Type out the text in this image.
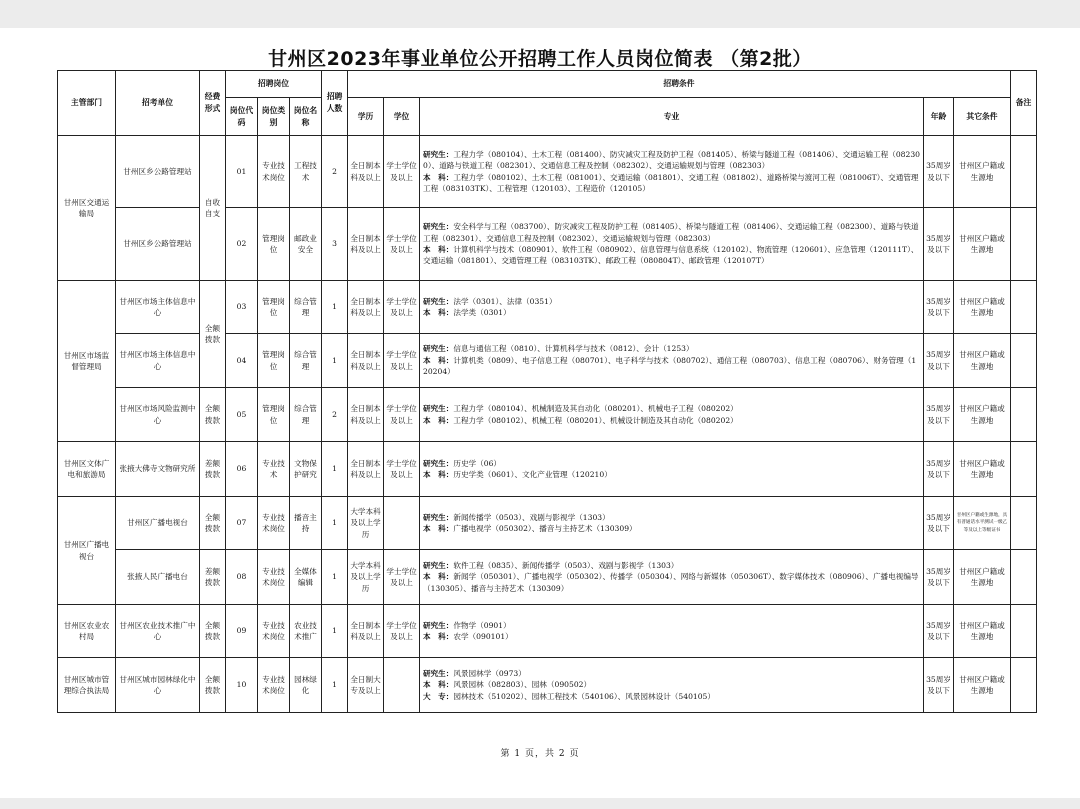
甘州区2023年事业单位公开招聘工作人员岗位简表 （第2批）
主管部门	招考单位	经费形式	招聘岗位			招聘人数	招聘条件					备注
			岗位代码	岗位类别	岗位名称		学历	学位	专业	年龄	其它条件	
甘州区交通运输局	甘州区乡公路管理站	自收自支	01	专业技术岗位	工程技术	2	全日制本科及以上	学士学位及以上	研究生：工程力学（080104）、土木工程（081400）、防灾减灾工程及防护工程（081405）、桥梁与隧道工程（081406）、交通运输工程（082300）、道路与铁道工程（082301）、交通信息工程及控制（082302）、交通运输规划与管理（082303）
本　科：工程力学（080102）、土木工程（081001）、交通运输（081801）、交通工程（081802）、道路桥梁与渡河工程（081006T）、交通管理工程（083103TK）、工程管理（120103）、工程造价（120105）	35周岁及以下	甘州区户籍或生源地	
	甘州区乡公路管理站		02	管理岗位	邮政业安全	3	全日制本科及以上	学士学位及以上	研究生：安全科学与工程（083700）、防灾减灾工程及防护工程（081405）、桥梁与隧道工程（081406）、交通运输工程（082300）、道路与铁道工程（082301）、交通信息工程及控制（082302）、交通运输规划与管理（082303）
本　科：计算机科学与技术（080901）、软件工程（080902）、信息管理与信息系统（120102）、物流管理（120601）、应急管理（120111T）、交通运输（081801）、交通管理工程（083103TK）、邮政工程（080804T）、邮政管理（120107T）	35周岁及以下	甘州区户籍或生源地	
甘州区市场监督管理局	甘州区市场主体信息中心	全额拨款	03	管理岗位	综合管理	1	全日制本科及以上	学士学位及以上	研究生：法学（0301）、法律（0351）
本　科：法学类（0301）	35周岁及以下	甘州区户籍或生源地	
	甘州区市场主体信息中心		04	管理岗位	综合管理	1	全日制本科及以上	学士学位及以上	研究生：信息与通信工程（0810）、计算机科学与技术（0812）、会计（1253）
本　科：计算机类（0809）、电子信息工程（080701）、电子科学与技术（080702）、通信工程（080703）、信息工程（080706）、财务管理（120204）	35周岁及以下	甘州区户籍或生源地	
	甘州区市场风险监测中心	全额拨款	05	管理岗位	综合管理	2	全日制本科及以上	学士学位及以上	研究生：工程力学（080104）、机械制造及其自动化（080201）、机械电子工程（080202）
本　科：工程力学（080102）、机械工程（080201）、机械设计制造及其自动化（080202）	35周岁及以下	甘州区户籍或生源地	
甘州区文体广电和旅游局	张掖大佛寺文物研究所	差额拨款	06	专业技术	文物保护研究	1	全日制本科及以上	学士学位及以上	研究生：历史学（06）
本　科：历史学类（0601）、文化产业管理（120210）	35周岁及以下	甘州区户籍或生源地	
甘州区广播电视台	甘州区广播电视台	全额拨款	07	专业技术岗位	播音主持	1	大学本科及以上学历		研究生：新闻传播学（0503）、戏剧与影视学（1303）
本　科：广播电视学（050302）、播音与主持艺术（130309）	35周岁及以下	甘州区户籍或生源地，具有普通话水平测试一级乙等及以上等级证书	
	张掖人民广播电台	差额拨款	08	专业技术岗位	全媒体编辑	1	大学本科及以上学历	学士学位及以上	研究生：软件工程（0835）、新闻传播学（0503）、戏剧与影视学（1303）
本　科：新闻学（050301）、广播电视学（050302）、传播学（050304）、网络与新媒体（050306T）、数字媒体技术（080906）、广播电视编导（130305）、播音与主持艺术（130309）	35周岁及以下	甘州区户籍或生源地	
甘州区农业农村局	甘州区农业技术推广中心	全额拨款	09	专业技术岗位	农业技术推广	1	全日制本科及以上	学士学位及以上	研究生：作物学（0901）
本　科：农学（090101）	35周岁及以下	甘州区户籍或生源地	
甘州区城市管理综合执法局	甘州区城市园林绿化中心	全额拨款	10	专业技术岗位	园林绿化	1	全日制大专及以上		研究生：风景园林学（0973）
本　科：风景园林（082803）、园林（090502）
大　专：园林技术（510202）、园林工程技术（540106）、风景园林设计（540105）	35周岁及以下	甘州区户籍或生源地	
第 1 页，共 2 页
